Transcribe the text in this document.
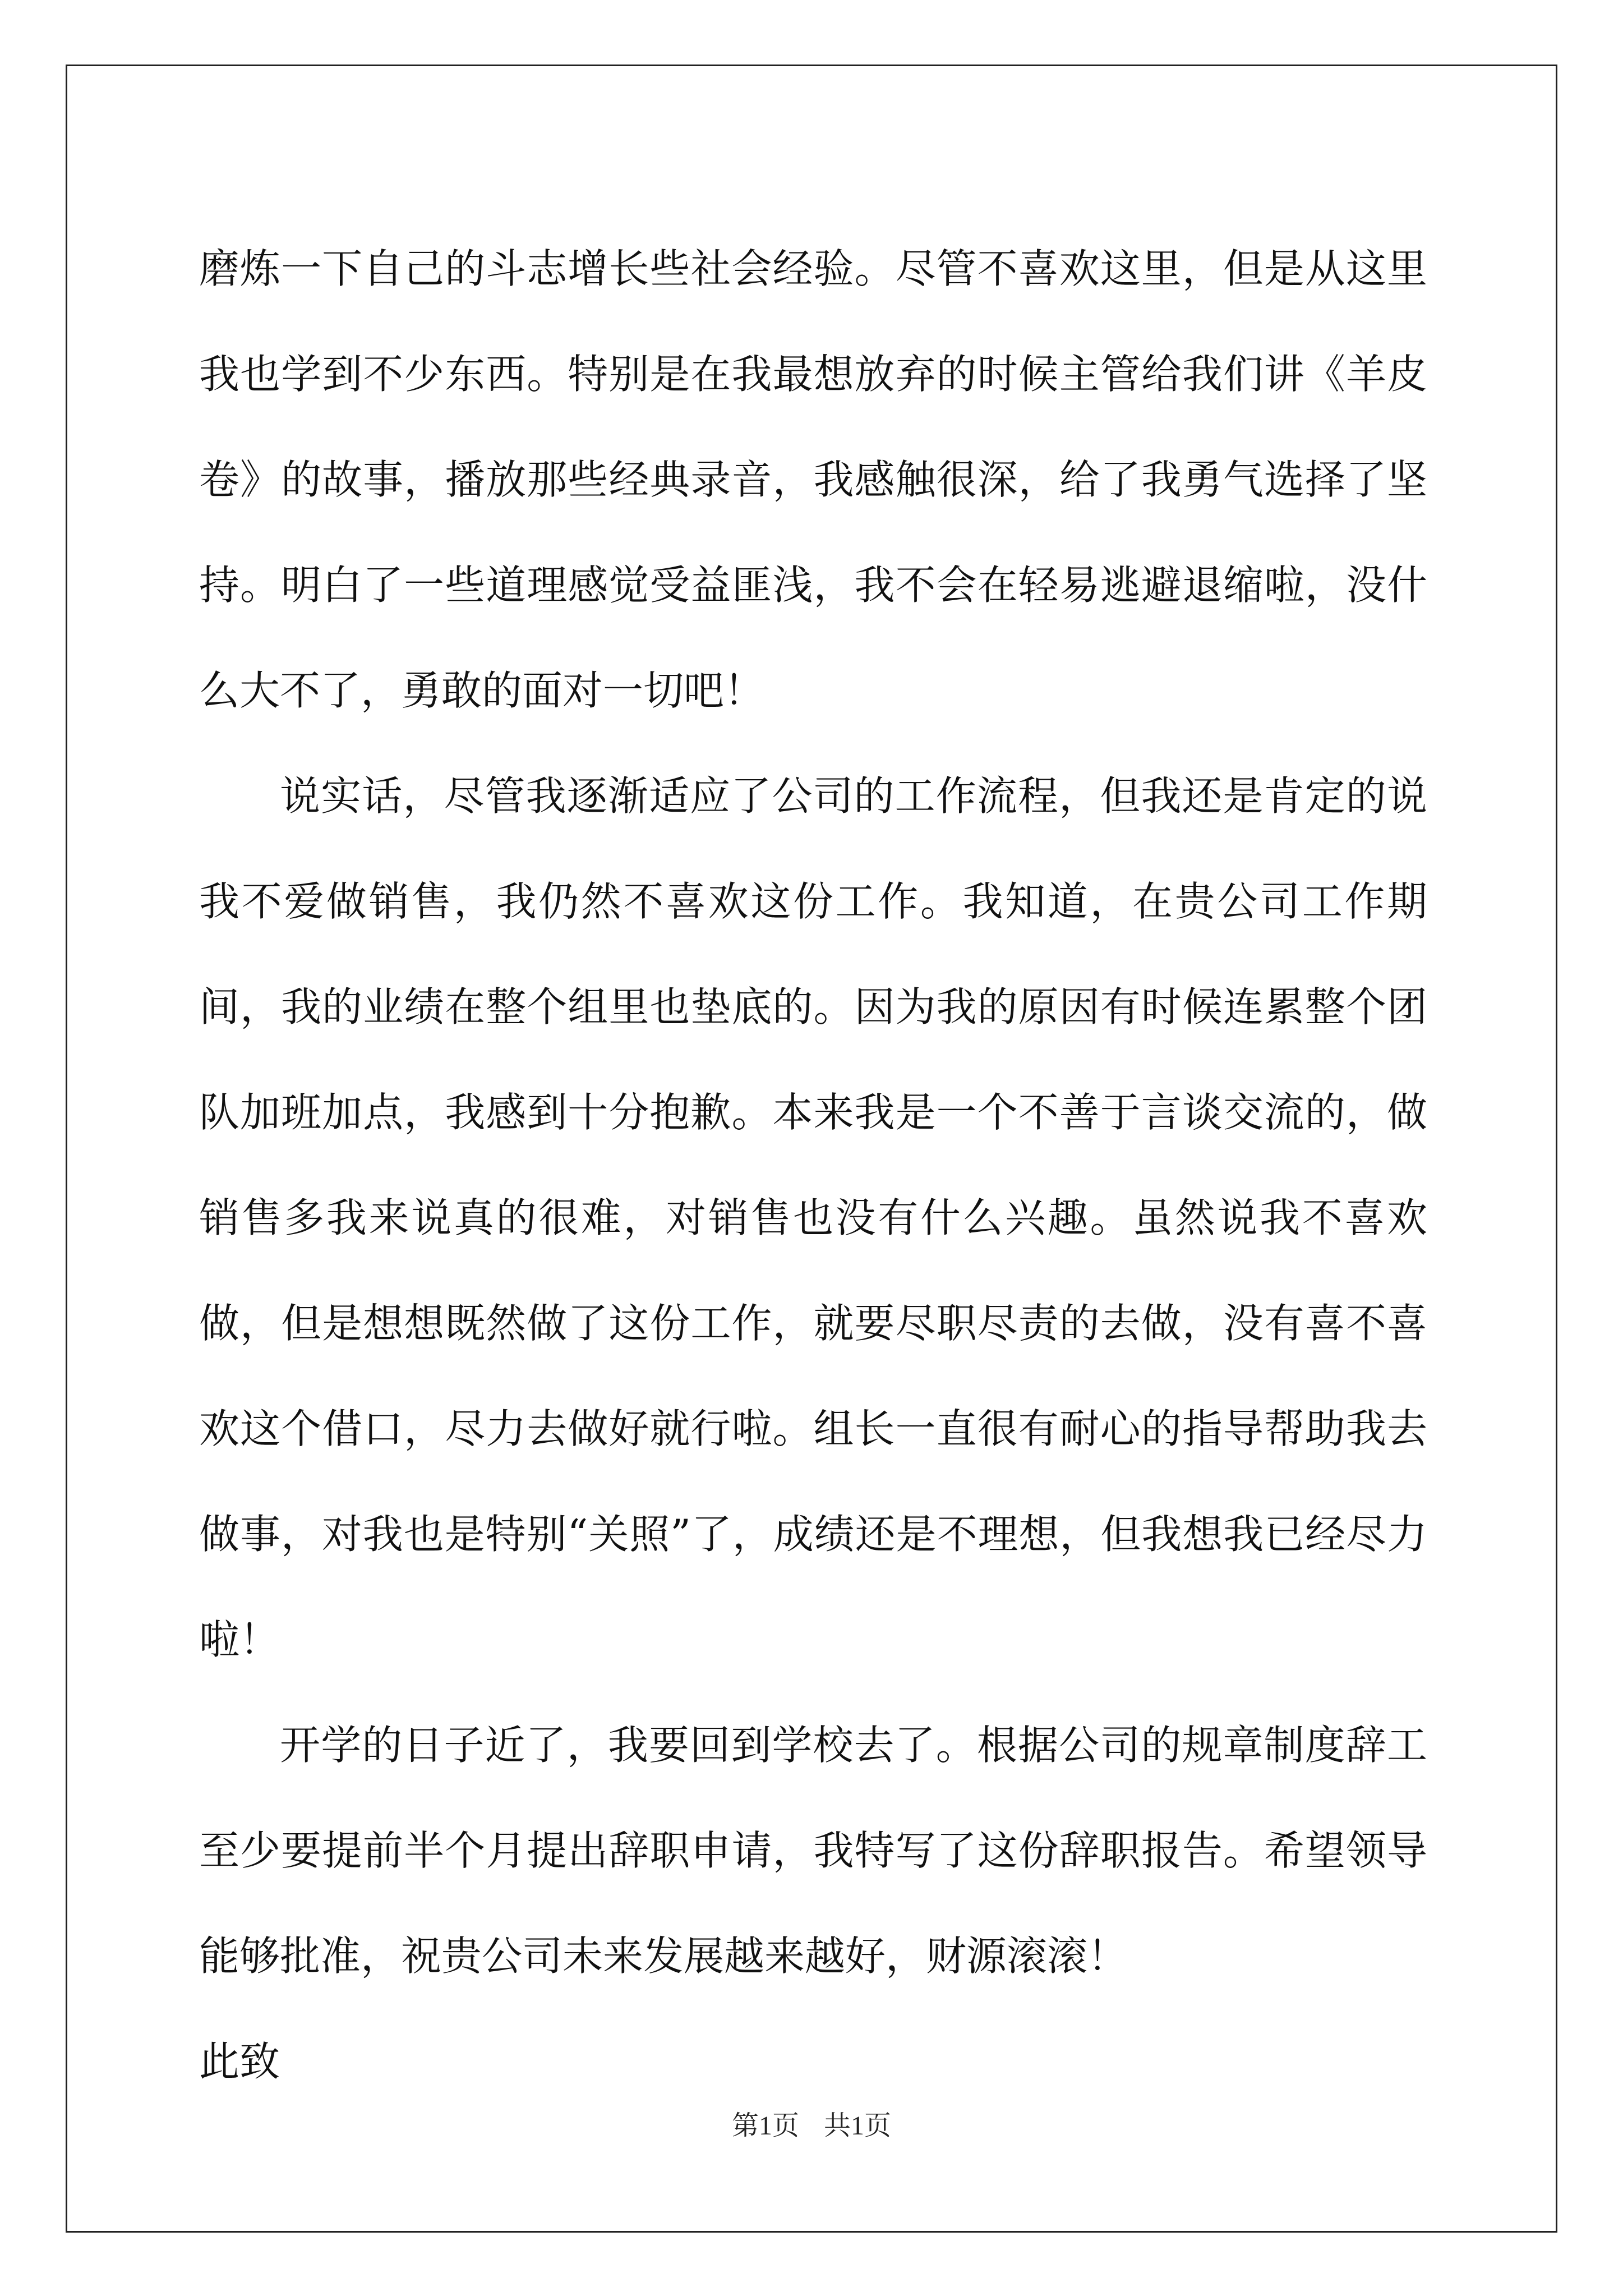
磨炼一下自己的斗志增长些社会经验。尽管不喜欢这里，但是从这里我也学到不少东西。特别是在我最想放弃的时候主管给我们讲《羊皮卷》的故事，播放那些经典录音，我感触很深，给了我勇气选择了坚持。明白了一些道理感觉受益匪浅，我不会在轻易逃避退缩啦，没什么大不了，勇敢的面对一切吧！

说实话，尽管我逐渐适应了公司的工作流程，但我还是肯定的说我不爱做销售，我仍然不喜欢这份工作。我知道，在贵公司工作期间，我的业绩在整个组里也垫底的。因为我的原因有时候连累整个团队加班加点，我感到十分抱歉。本来我是一个不善于言谈交流的，做销售多我来说真的很难，对销售也没有什么兴趣。虽然说我不喜欢做，但是想想既然做了这份工作，就要尽职尽责的去做，没有喜不喜欢这个借口，尽力去做好就行啦。组长一直很有耐心的指导帮助我去做事，对我也是特别“关照”了，成绩还是不理想，但我想我已经尽力啦！

开学的日子近了，我要回到学校去了。根据公司的规章制度辞工至少要提前半个月提出辞职申请，我特写了这份辞职报告。希望领导能够批准，祝贵公司未来发展越来越好，财源滚滚！

此致

第1页 共1页
